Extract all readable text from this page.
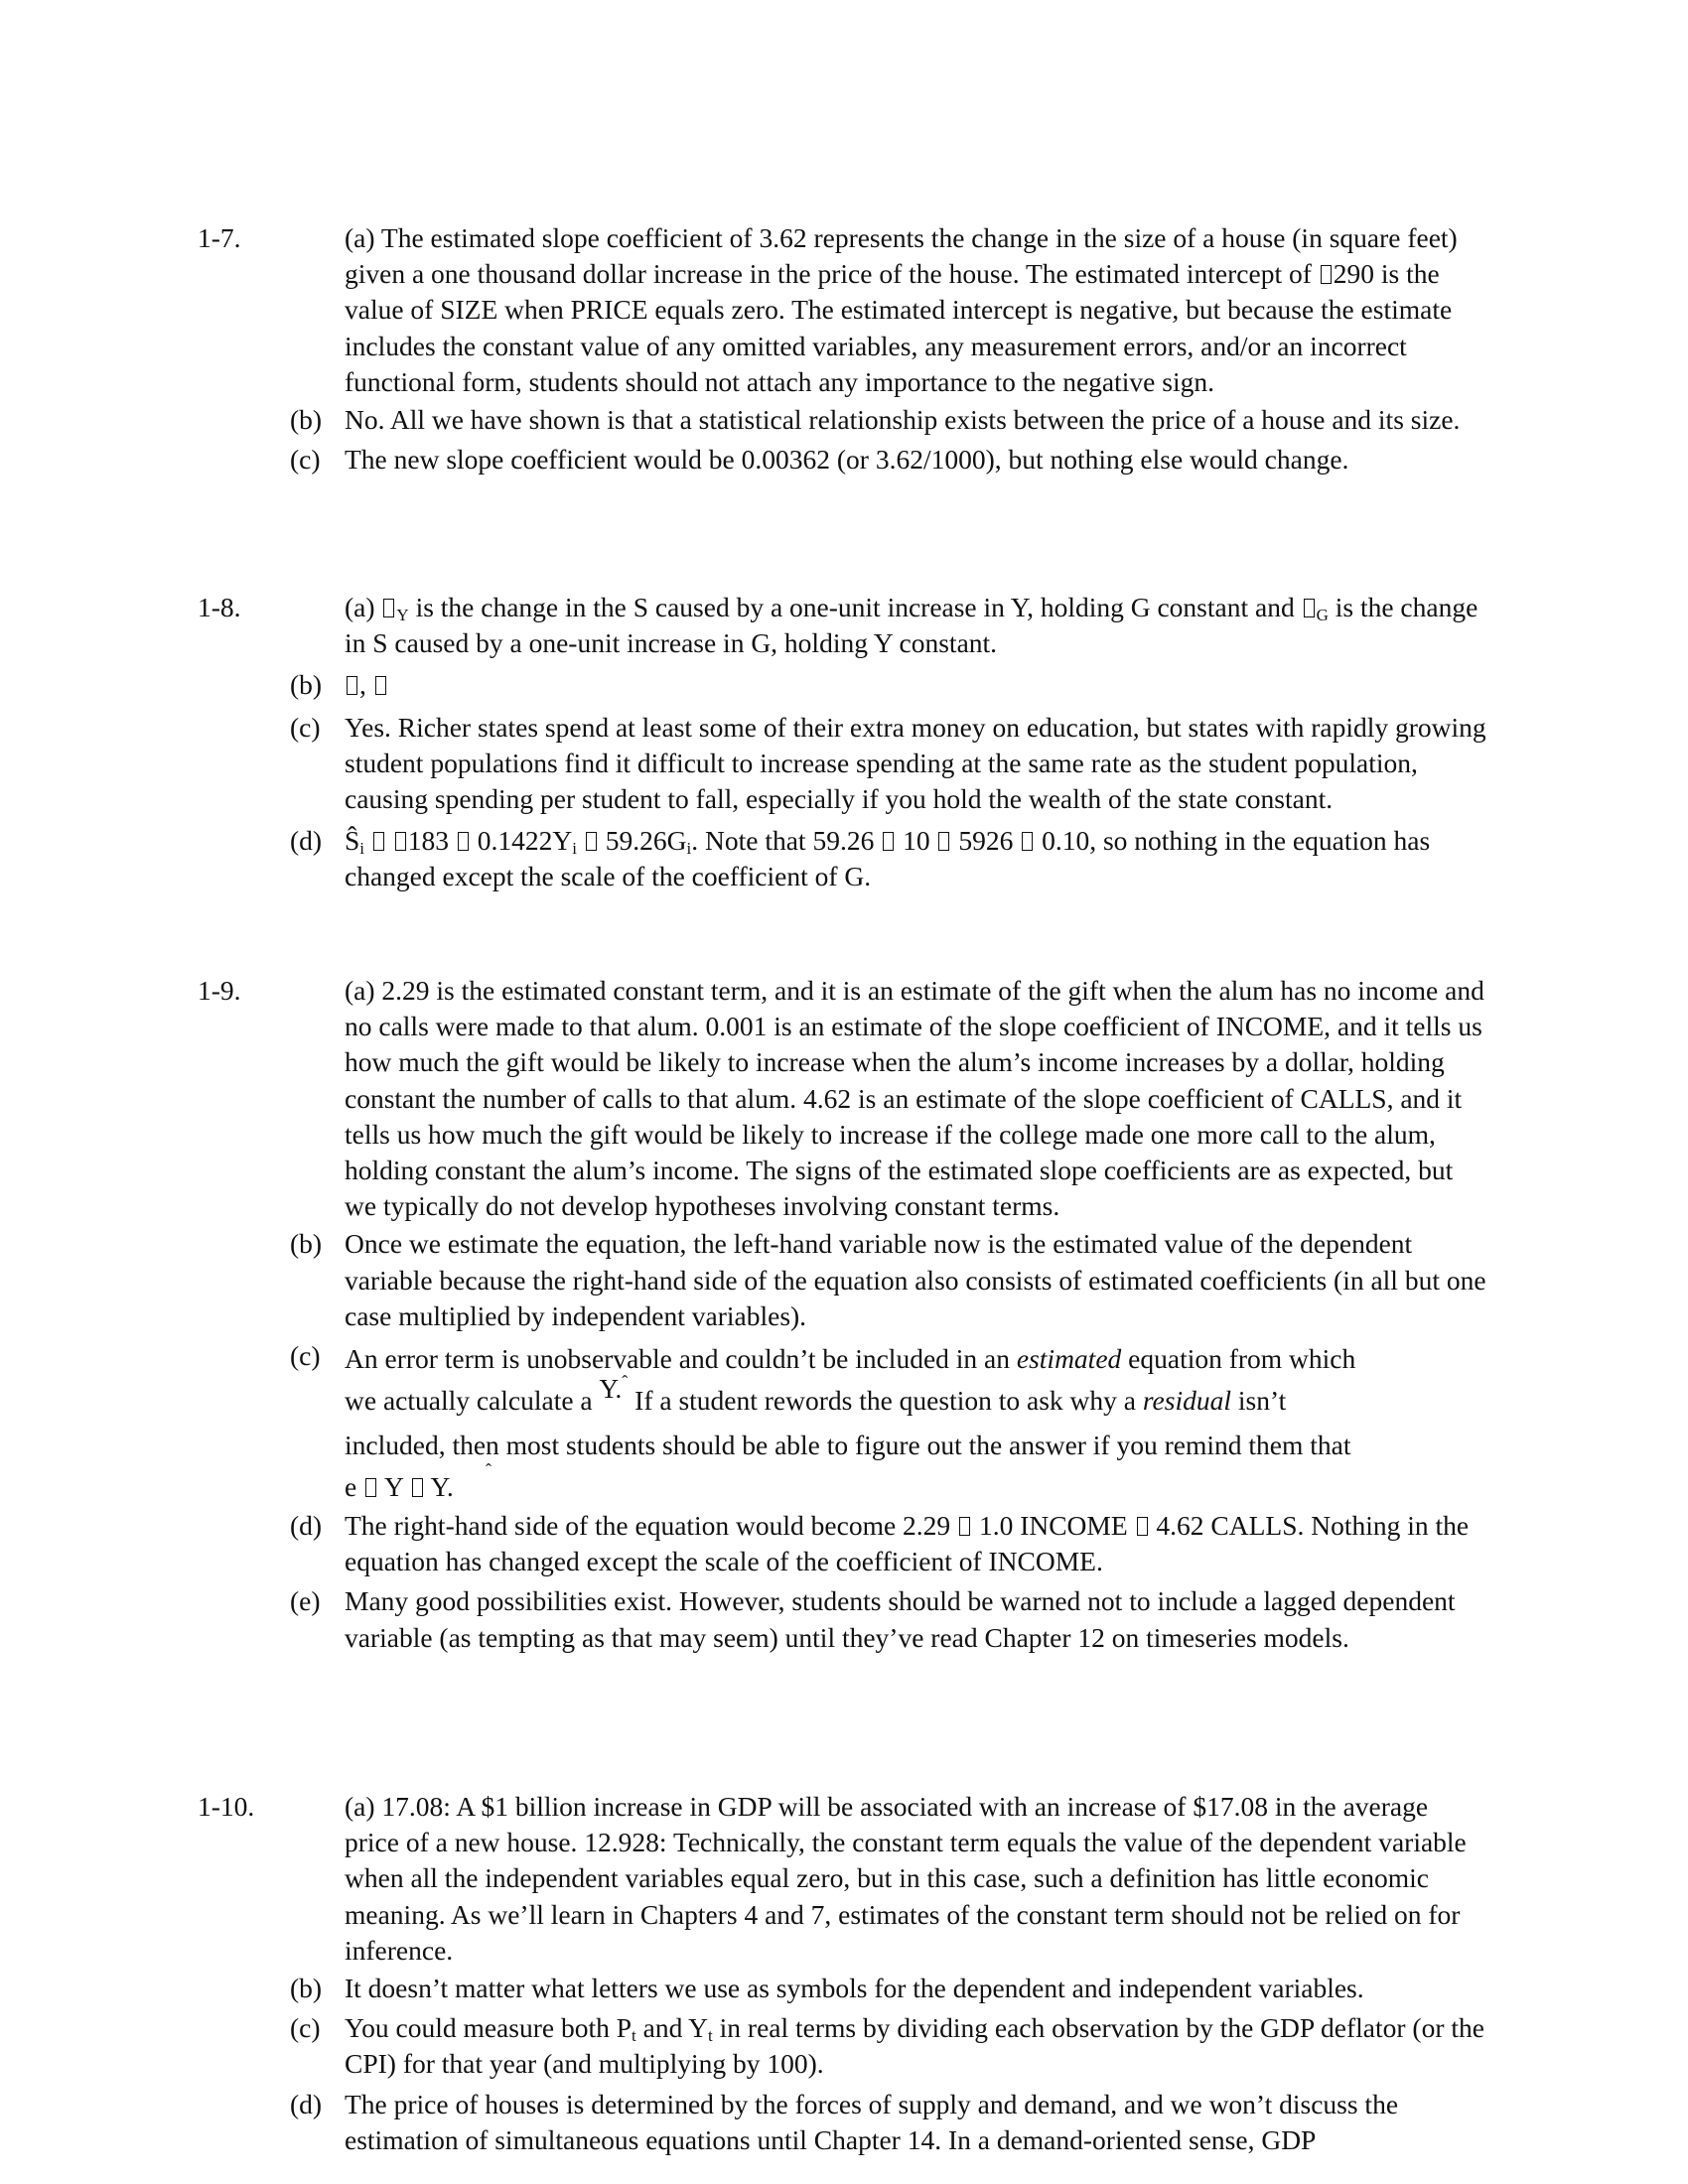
1-7.	(a) The estimated slope coefficient of 3.62 represents the change in the size of a house (in square feet) given a one thousand dollar increase in the price of the house. The estimated intercept of 290 is the value of SIZE when PRICE equals zero. The estimated intercept is negative, but because the estimate includes the constant value of any omitted variables, any measurement errors, and/or an incorrect functional form, students should not attach any importance to the negative sign.
(b) No. All we have shown is that a statistical relationship exists between the price of a house and its size.
(c) The new slope coefficient would be 0.00362 (or 3.62/1000), but nothing else would change.
1-8.	(a) $_Y$ is the change in the S caused by a one-unit increase in Y, holding G constant and $_G$ is the change in S caused by a one-unit increase in G, holding Y constant.
(b)	,
(c) Yes. Richer states spend at least some of their extra money on education, but states with rapidly growing student populations find it difficult to increase spending at the same rate as the student population, causing spending per student to fall, especially if you hold the wealth of the state constant.
(d) $Ŝ_i$ 183  $0.1422Y_i$  $59.26G_i$. Note that 59.26  10  5926  0.10, so nothing in the equation has changed except the scale of the coefficient of G.
1-9.	(a) 2.29 is the estimated constant term, and it is an estimate of the gift when the alum has no income and no calls were made to that alum. 0.001 is an estimate of the slope coefficient of INCOME, and it tells us how much the gift would be likely to increase when the alum’s income increases by a dollar, holding constant the number of calls to that alum. 4.62 is an estimate of the slope coefficient of CALLS, and it tells us how much the gift would be likely to increase if the college made one more call to the alum, holding constant the alum’s income. The signs of the estimated slope coefficients are as expected, but we typically do not develop hypotheses involving constant terms.
(b) Once we estimate the equation, the left-hand variable now is the estimated value of the dependent variable because the right-hand side of the equation also consists of estimated coefficients (in all but one case multiplied by independent variables).
(c) An error term is unobservable and couldn’t be included in an estimated equation from which
we actually calculate a Y.$^ˆ$ If a student rewords the question to ask why a residual isn’t
included, then most students should be able to figure out the answer if you remind them that
e  Y  Y.
ˆ
(d) The right-hand side of the equation would become 2.29  1.0 INCOME  4.62 CALLS. Nothing in the equation has changed except the scale of the coefficient of INCOME.
(e) Many good possibilities exist. However, students should be warned not to include a lagged dependent variable (as tempting as that may seem) until they’ve read Chapter 12 on timeseries models.
1-10.	(a) 17.08: A $1 billion increase in GDP will be associated with an increase of $17.08 in the average price of a new house. 12.928: Technically, the constant term equals the value of the dependent variable when all the independent variables equal zero, but in this case, such a definition has little economic meaning. As we’ll learn in Chapters 4 and 7, estimates of the constant term should not be relied on for inference.
(b) It doesn’t matter what letters we use as symbols for the dependent and independent variables.
(c) You could measure both $P_t$ and $Y_t$ in real terms by dividing each observation by the GDP deflator (or the CPI) for that year (and multiplying by 100).
(d) The price of houses is determined by the forces of supply and demand, and we won’t discuss the estimation of simultaneous equations until Chapter 14. In a demand-oriented sense, GDP
